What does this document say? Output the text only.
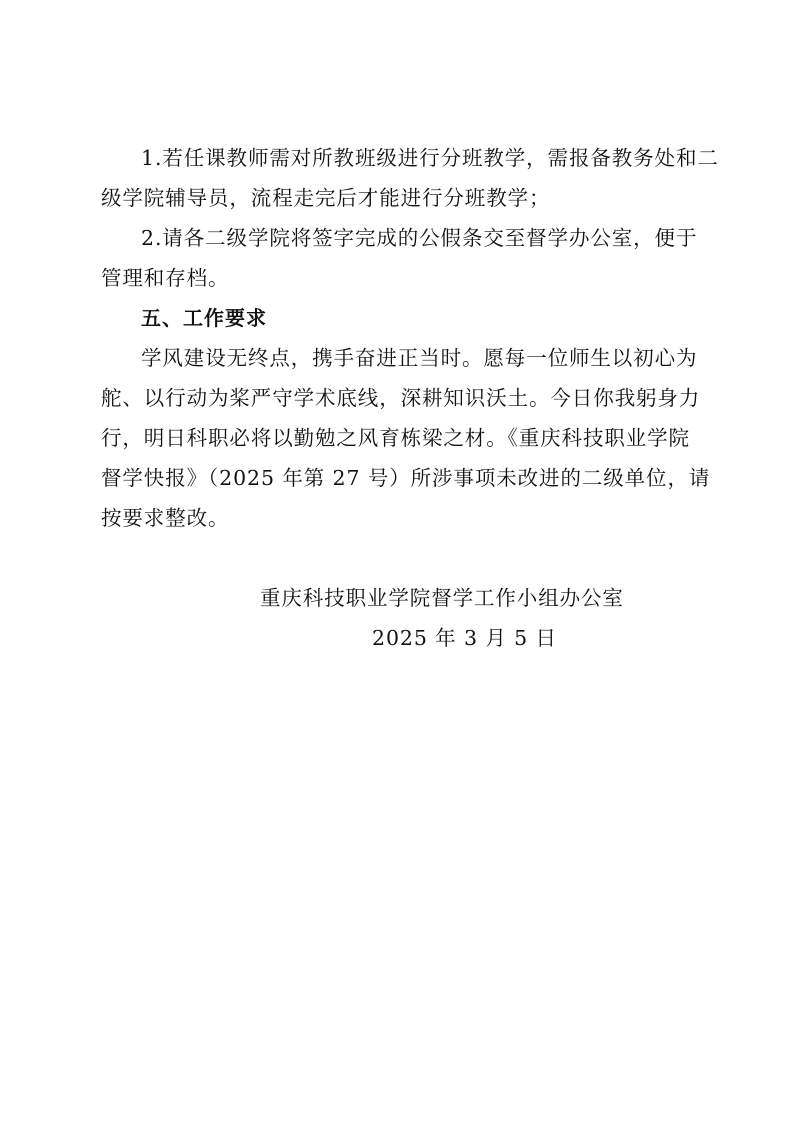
1.若任课教师需对所教班级进行分班教学，需报备教务处和二
级学院辅导员，流程走完后才能进行分班教学；
2.请各二级学院将签字完成的公假条交至督学办公室，便于
管理和存档。
五、工作要求
学风建设无终点，携手奋进正当时。愿每一位师生以初心为
舵、以行动为桨严守学术底线，深耕知识沃土。今日你我躬身力
行，明日科职必将以勤勉之风育栋梁之材。《重庆科技职业学院
督学快报》（2025 年第 27 号）所涉事项未改进的二级单位，请
按要求整改。
重庆科技职业学院督学工作小组办公室
2025 年 3 月 5 日
